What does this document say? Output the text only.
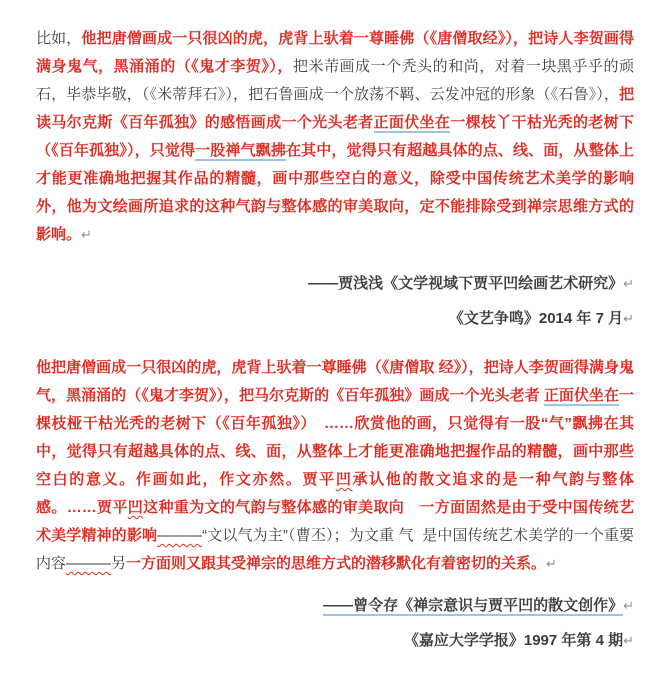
比如，他把唐僧画成一只很凶的虎，虎背上驮着一尊睡佛（《唐僧取经》），把诗人李贺画得满身鬼气，黑涌涌的（《鬼才李贺》），把米芾画成一个秃头的和尚，对着一块黑乎乎的顽石，毕恭毕敬，（《米蒂拜石》），把石鲁画成一个放荡不羁、云发冲冠的形象（《石鲁》），把读马尔克斯《百年孤独》的感悟画成一个光头老者正面伏坐在一棵枝丫干枯光秃的老树下（《百年孤独》），只觉得一股禅气飘拂在其中，觉得只有超越具体的点、线、面，从整体上才能更准确地把握其作品的精髓，画中那些空白的意义，除受中国传统艺术美学的影响外，他为文绘画所追求的这种气韵与整体感的审美取向，定不能排除受到禅宗思维方式的影响。↵

——贾浅浅《文学视域下贾平凹绘画艺术研究》↵

《文艺争鸣》2014 年 7 月↵

他把唐僧画成一只很凶的虎，虎背上驮着一尊睡佛（《唐僧取 经》），把诗人李贺画得满身鬼气，黑涌涌的（《鬼才李贺》），把马尔克斯的《百年孤独》画成一个光头老者 正面伏坐在一棵枝桠干枯光秃的老树下（《百年孤独》）　……欣赏他的画，只觉得有一股“气”飘拂在其中，觉得只有超越具体的点、线、面，从整体上才能更准确地把握作品的精髓，画中那些空白的意义。作画如此，作文亦然。贾平凹承认他的散文追求的是一种气韵与整体感。……贾平凹这种重为文的气韵与整体感的审美取向　一方面固然是由于受中国传统艺术美学精神的影响———“文以气为主”（曹丕）；为文重 气  是中国传统艺术美学的一个重要内容———另一方面则又跟其受禅宗的思维方式的潜移默化有着密切的关系。↵

——曾令存《禅宗意识与贾平凹的散文创作》↵

《嘉应大学学报》1997 年第 4 期↵
